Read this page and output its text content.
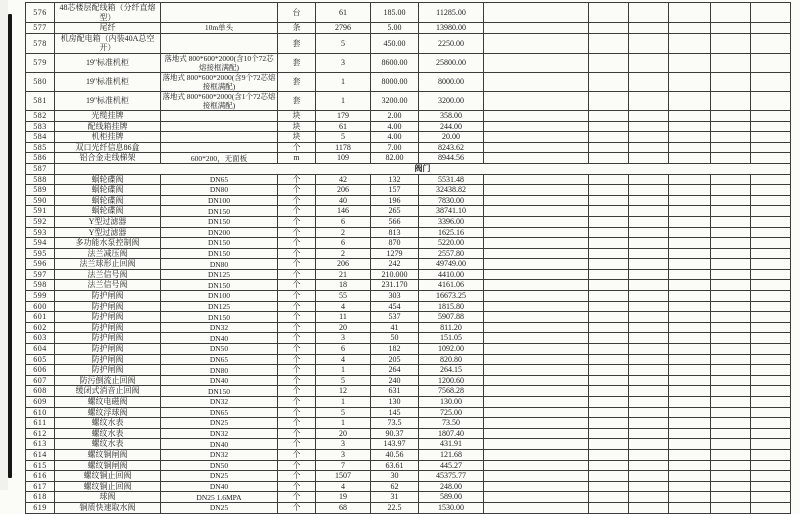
576	48芯楼层配线箱（分纤直熔型）		台	61	185.00	11285.00						
577	尾纤	10m单头	条	2796	5.00	13980.00						
578	机房配电箱（内装40A总空开）		套	5	450.00	2250.00						
579	19''标准机柜	落地式 800*600*2000(含10个72芯熔接框满配)	套	3	8600.00	25800.00						
580	19''标准机柜	落地式 800*600*2000(含9个72芯熔接框满配)	套	1	8000.00	8000.00						
581	19''标准机柜	落地式 800*600*2000(含1个72芯熔接框满配)	套	1	3200.00	3200.00						
582	光缆挂牌		块	179	2.00	358.00						
583	配线箱挂牌		块	61	4.00	244.00						
584	机柜挂牌		块	5	4.00	20.00						
585	双口光纤信息86盒		个	1178	7.00	8243.62						
586	铝合金走线梯架	600*200，无面板	m	109	82.00	8944.56						
587	阀门											
588	蜗轮碟阀	DN65	个	42	132	5531.48						
589	蜗轮碟阀	DN80	个	206	157	32438.82						
590	蜗轮碟阀	DN100	个	40	196	7830.00						
591	蜗轮碟阀	DN150	个	146	265	38741.10						
592	Y型过滤器	DN150	个	6	566	3396.00						
593	Y型过滤器	DN200	个	2	813	1625.16						
594	多功能水泵控制阀	DN150	个	6	870	5220.00						
595	法兰减压阀	DN150	个	2	1279	2557.80						
596	法兰球形止回阀	DN80	个	206	242	49749.00						
597	法兰信号阀	DN125	个	21	210.000	4410.00						
598	法兰信号阀	DN150	个	18	231.170	4161.06						
599	防护闸阀	DN100	个	55	303	16673.25						
600	防护闸阀	DN125	个	4	454	1815.80						
601	防护闸阀	DN150	个	11	537	5907.88						
602	防护闸阀	DN32	个	20	41	811.20						
603	防护闸阀	DN40	个	3	50	151.05						
604	防护闸阀	DN50	个	6	182	1092.00						
605	防护闸阀	DN65	个	4	205	820.80						
606	防护闸阀	DN80	个	1	264	264.15						
607	防污倒流止回阀	DN40	个	5	240	1200.60						
608	缓闭式消音止回阀	DN150	个	12	631	7568.28						
609	螺纹电磁阀	DN32	个	1	130	130.00						
610	螺纹浮球阀	DN65	个	5	145	725.00						
611	螺纹水表	DN25	个	1	73.5	73.50						
612	螺纹水表	DN32	个	20	90.37	1807.40						
613	螺纹水表	DN40	个	3	143.97	431.91						
614	螺纹铜闸阀	DN32	个	3	40.56	121.68						
615	螺纹铜闸阀	DN50	个	7	63.61	445.27						
616	螺纹铜止回阀	DN25	个	1507	30	45375.77						
617	螺纹铜止回阀	DN40	个	4	62	248.00						
618	球阀	DN25 1.6MPA	个	19	31	589.00						
619	铜质快速取水阀	DN25	个	68	22.5	1530.00						
